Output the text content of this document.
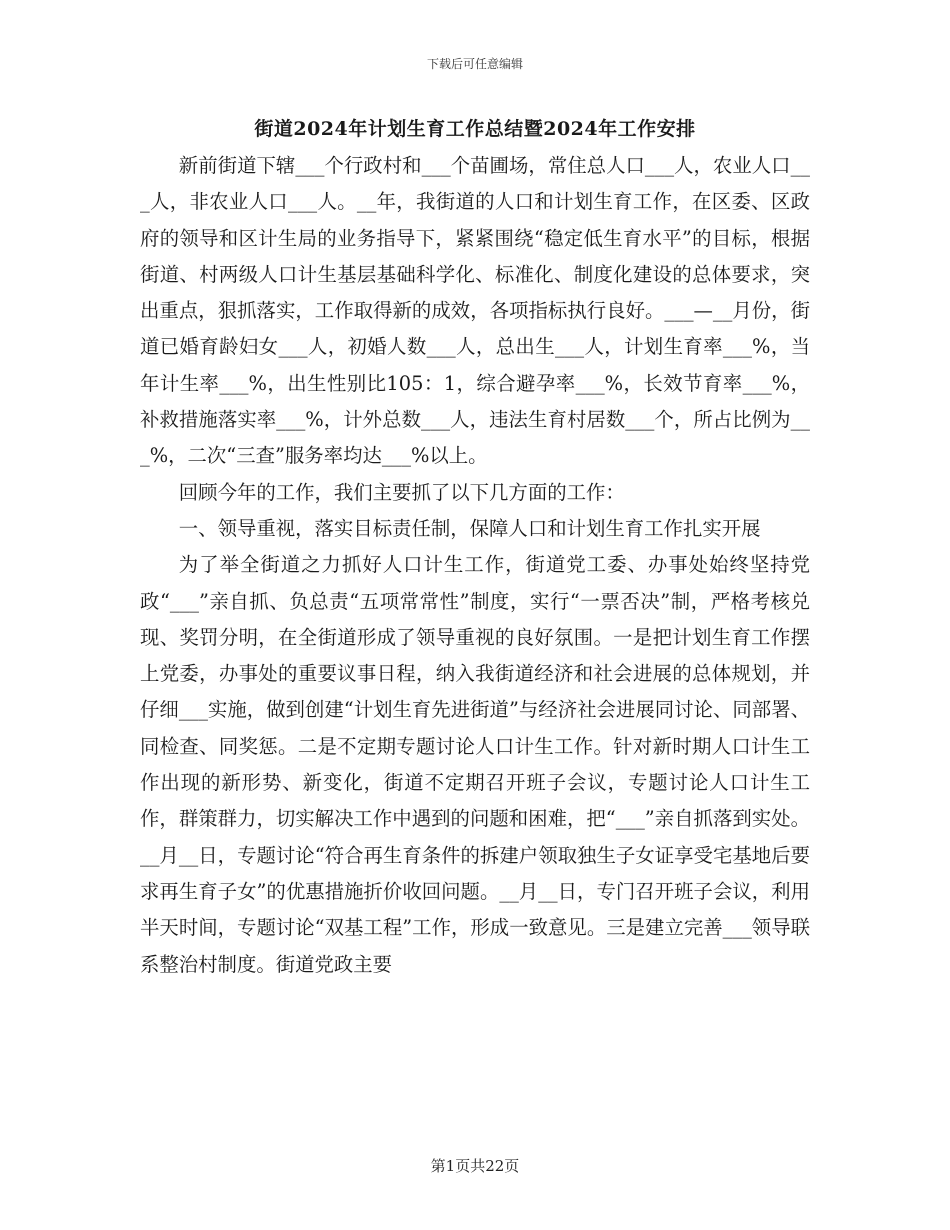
下载后可任意编辑
街道2024年计划生育工作总结暨2024年工作安排

新前街道下辖___个行政村和___个苗圃场，常住总人口___人，农业人口___人，非农业人口___人。__年，我街道的人口和计划生育工作，在区委、区政府的领导和区计生局的业务指导下，紧紧围绕“稳定低生育水平”的目标，根据街道、村两级人口计生基层基础科学化、标准化、制度化建设的总体要求，突出重点，狠抓落实，工作取得新的成效，各项指标执行良好。___—__月份，街道已婚育龄妇女___人，初婚人数___人，总出生___人，计划生育率___%，当年计生率___%，出生性别比105：1，综合避孕率___%，长效节育率___%，补救措施落实率___%，计外总数___人，违法生育村居数___个，所占比例为___%，二次“三查”服务率均达___%以上。

回顾今年的工作，我们主要抓了以下几方面的工作：

一、领导重视，落实目标责任制，保障人口和计划生育工作扎实开展

为了举全街道之力抓好人口计生工作，街道党工委、办事处始终坚持党政“___”亲自抓、负总责“五项常常性”制度，实行“一票否决”制，严格考核兑现、奖罚分明，在全街道形成了领导重视的良好氛围。一是把计划生育工作摆上党委，办事处的重要议事日程，纳入我街道经济和社会进展的总体规划，并仔细___实施，做到创建“计划生育先进街道”与经济社会进展同讨论、同部署、同检查、同奖惩。二是不定期专题讨论人口计生工作。针对新时期人口计生工作出现的新形势、新变化，街道不定期召开班子会议，专题讨论人口计生工作，群策群力，切实解决工作中遇到的问题和困难，把“___”亲自抓落到实处。__月__日，专题讨论“符合再生育条件的拆建户领取独生子女证享受宅基地后要求再生育子女”的优惠措施折价收回问题。__月__日，专门召开班子会议，利用半天时间，专题讨论“双基工程”工作，形成一致意见。三是建立完善___领导联系整治村制度。街道党政主要

第1页共22页
